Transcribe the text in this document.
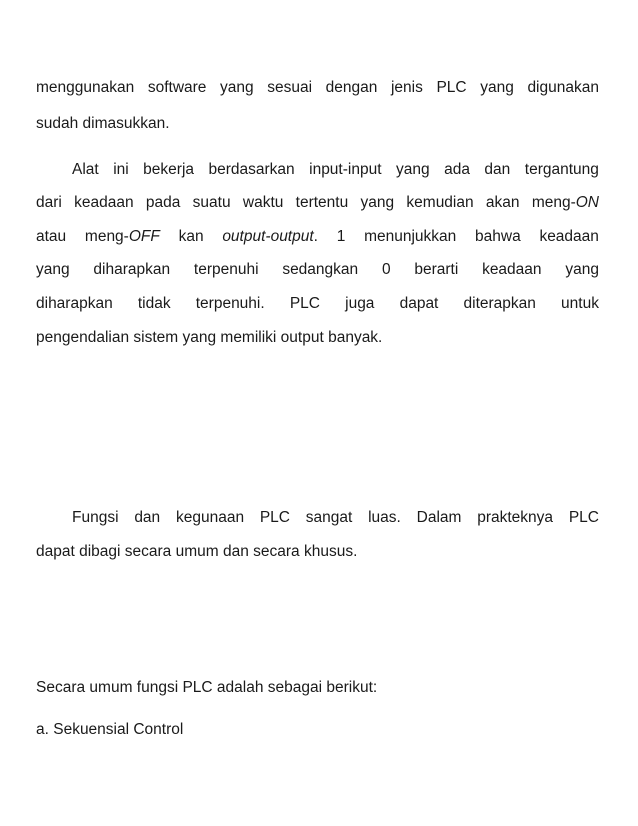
menggunakan software yang sesuai dengan jenis PLC yang digunakan
sudah dimasukkan.
Alat ini bekerja berdasarkan input-input yang ada dan tergantung
dari keadaan pada suatu waktu tertentu yang kemudian akan meng-ON
atau meng-OFF kan output-output. 1 menunjukkan bahwa keadaan
yang diharapkan terpenuhi sedangkan 0 berarti keadaan yang
diharapkan tidak terpenuhi. PLC juga dapat diterapkan untuk
pengendalian sistem yang memiliki output banyak.
Fungsi dan kegunaan PLC sangat luas. Dalam prakteknya PLC
dapat dibagi secara umum dan secara khusus.
Secara umum fungsi PLC adalah sebagai berikut:
a. Sekuensial Control
